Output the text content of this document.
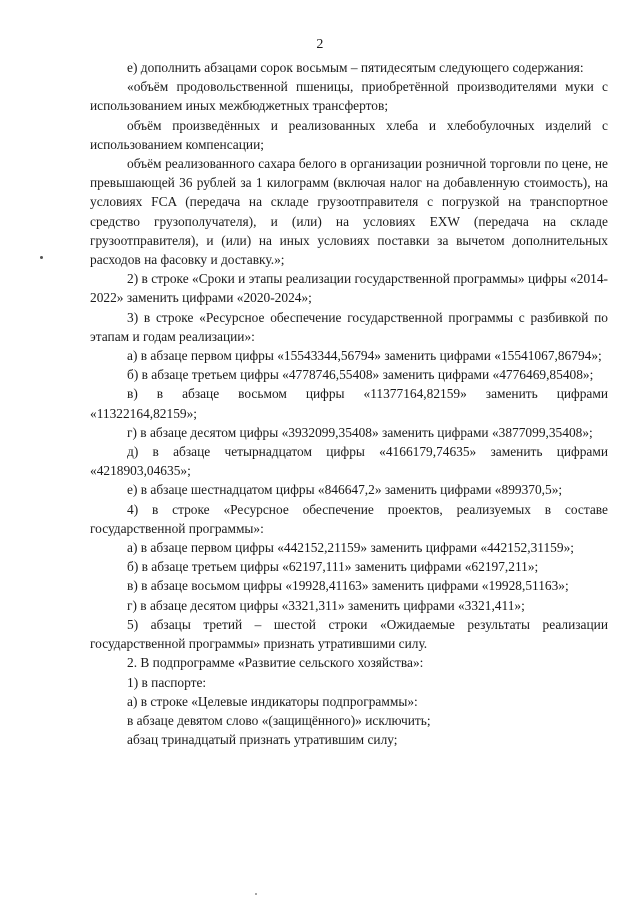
2

е) дополнить абзацами сорок восьмым – пятидесятым следующего содержания:

«объём продовольственной пшеницы, приобретённой производителями муки с использованием иных межбюджетных трансфертов;

объём произведённых и реализованных хлеба и хлебобулочных изделий с использованием компенсации;

объём реализованного сахара белого в организации розничной торговли по цене, не превышающей 36 рублей за 1 килограмм (включая налог на добавленную стоимость), на условиях FCA (передача на складе грузоотправителя с погрузкой на транспортное средство грузополучателя), и (или) на условиях EXW (передача на складе грузоотправителя), и (или) на иных условиях поставки за вычетом дополнительных расходов на фасовку и доставку.»;

2) в строке «Сроки и этапы реализации государственной программы» цифры «2014-2022» заменить цифрами «2020-2024»;

3) в строке «Ресурсное обеспечение государственной программы с разбивкой по этапам и годам реализации»:

а) в абзаце первом цифры «15543344,56794» заменить цифрами «15541067,86794»;

б) в абзаце третьем цифры «4778746,55408» заменить цифрами «4776469,85408»;

в) в абзаце восьмом цифры «11377164,82159» заменить цифрами «11322164,82159»;

г) в абзаце десятом цифры «3932099,35408» заменить цифрами «3877099,35408»;

д) в абзаце четырнадцатом цифры «4166179,74635» заменить цифрами «4218903,04635»;

е) в абзаце шестнадцатом цифры «846647,2» заменить цифрами «899370,5»;

4) в строке «Ресурсное обеспечение проектов, реализуемых в составе государственной программы»:

а) в абзаце первом цифры «442152,21159» заменить цифрами «442152,31159»;

б) в абзаце третьем цифры «62197,111» заменить цифрами «62197,211»;

в) в абзаце восьмом цифры «19928,41163» заменить цифрами «19928,51163»;

г) в абзаце десятом цифры «3321,311» заменить цифрами «3321,411»;

5) абзацы третий – шестой строки «Ожидаемые результаты реализации государственной программы» признать утратившими силу.

2. В подпрограмме «Развитие сельского хозяйства»:

1) в паспорте:

а) в строке «Целевые индикаторы подпрограммы»:

в абзаце девятом слово «(защищённого)» исключить;

абзац тринадцатый признать утратившим силу;
